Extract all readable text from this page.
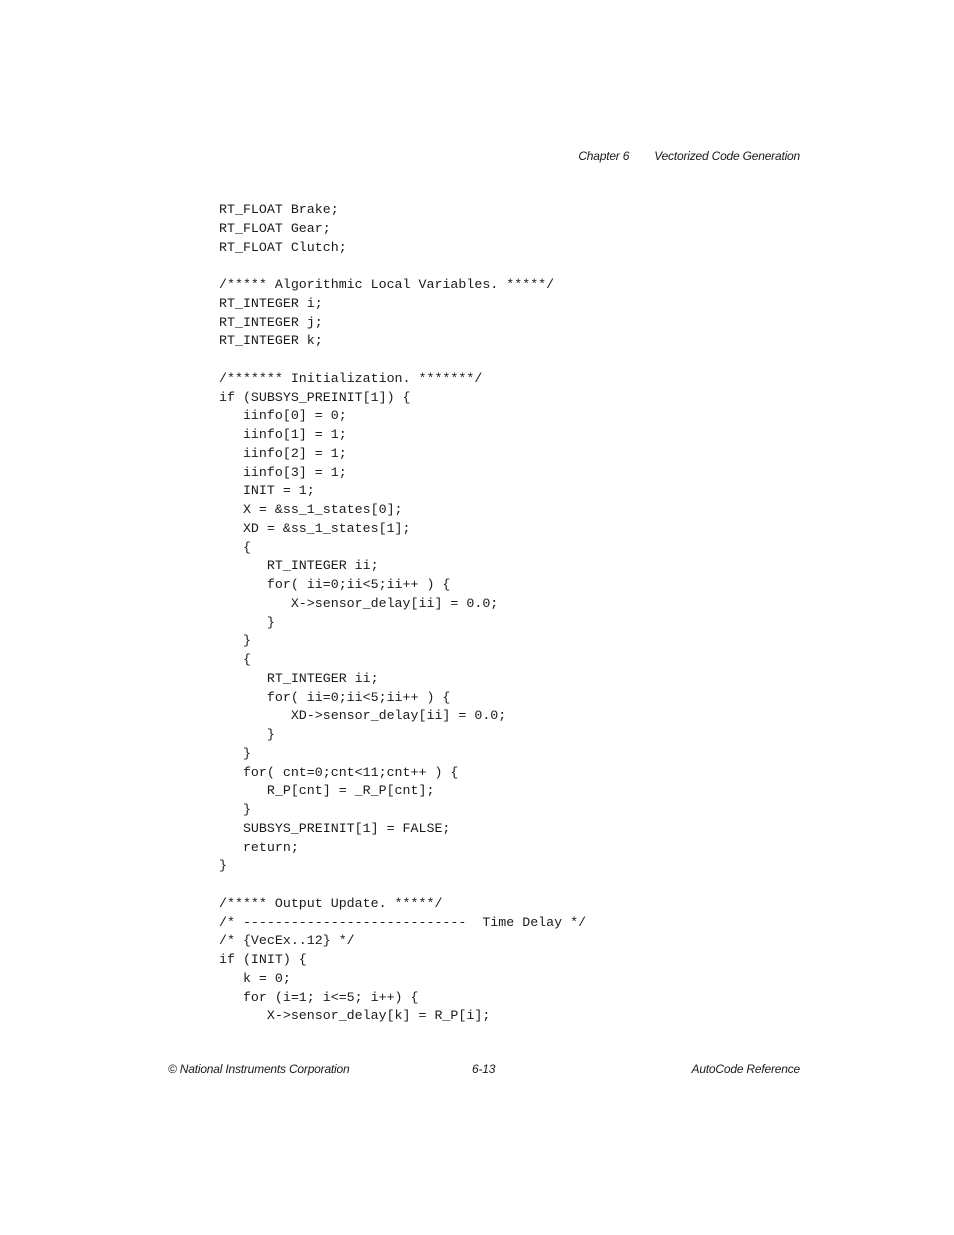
Chapter 6 Vectorized Code Generation
RT_FLOAT Brake;
RT_FLOAT Gear;
RT_FLOAT Clutch;
/***** Algorithmic Local Variables. *****/
RT_INTEGER i;
RT_INTEGER j;
RT_INTEGER k;
/******* Initialization. *******/
if (SUBSYS_PREINIT[1]) {
iinfo[0] = 0;
iinfo[1] = 1;
iinfo[2] = 1;
iinfo[3] = 1;
INIT = 1;
X = &ss_1_states[0];
XD = &ss_1_states[1];
{
RT_INTEGER ii;
for( ii=0;ii<5;ii++ ) {
X->sensor_delay[ii] = 0.0;
}
}
{
RT_INTEGER ii;
for( ii=0;ii<5;ii++ ) {
XD->sensor_delay[ii] = 0.0;
}
}
for( cnt=0;cnt<11;cnt++ ) {
R_P[cnt] = _R_P[cnt];
}
SUBSYS_PREINIT[1] = FALSE;
return;
}
/***** Output Update. *****/
/* ----------------------------  Time Delay */
/* {VecEx..12} */
if (INIT) {
k = 0;
for (i=1; i<=5; i++) {
X->sensor_delay[k] = R_P[i];
© National Instruments Corporation	6-13	AutoCode Reference
